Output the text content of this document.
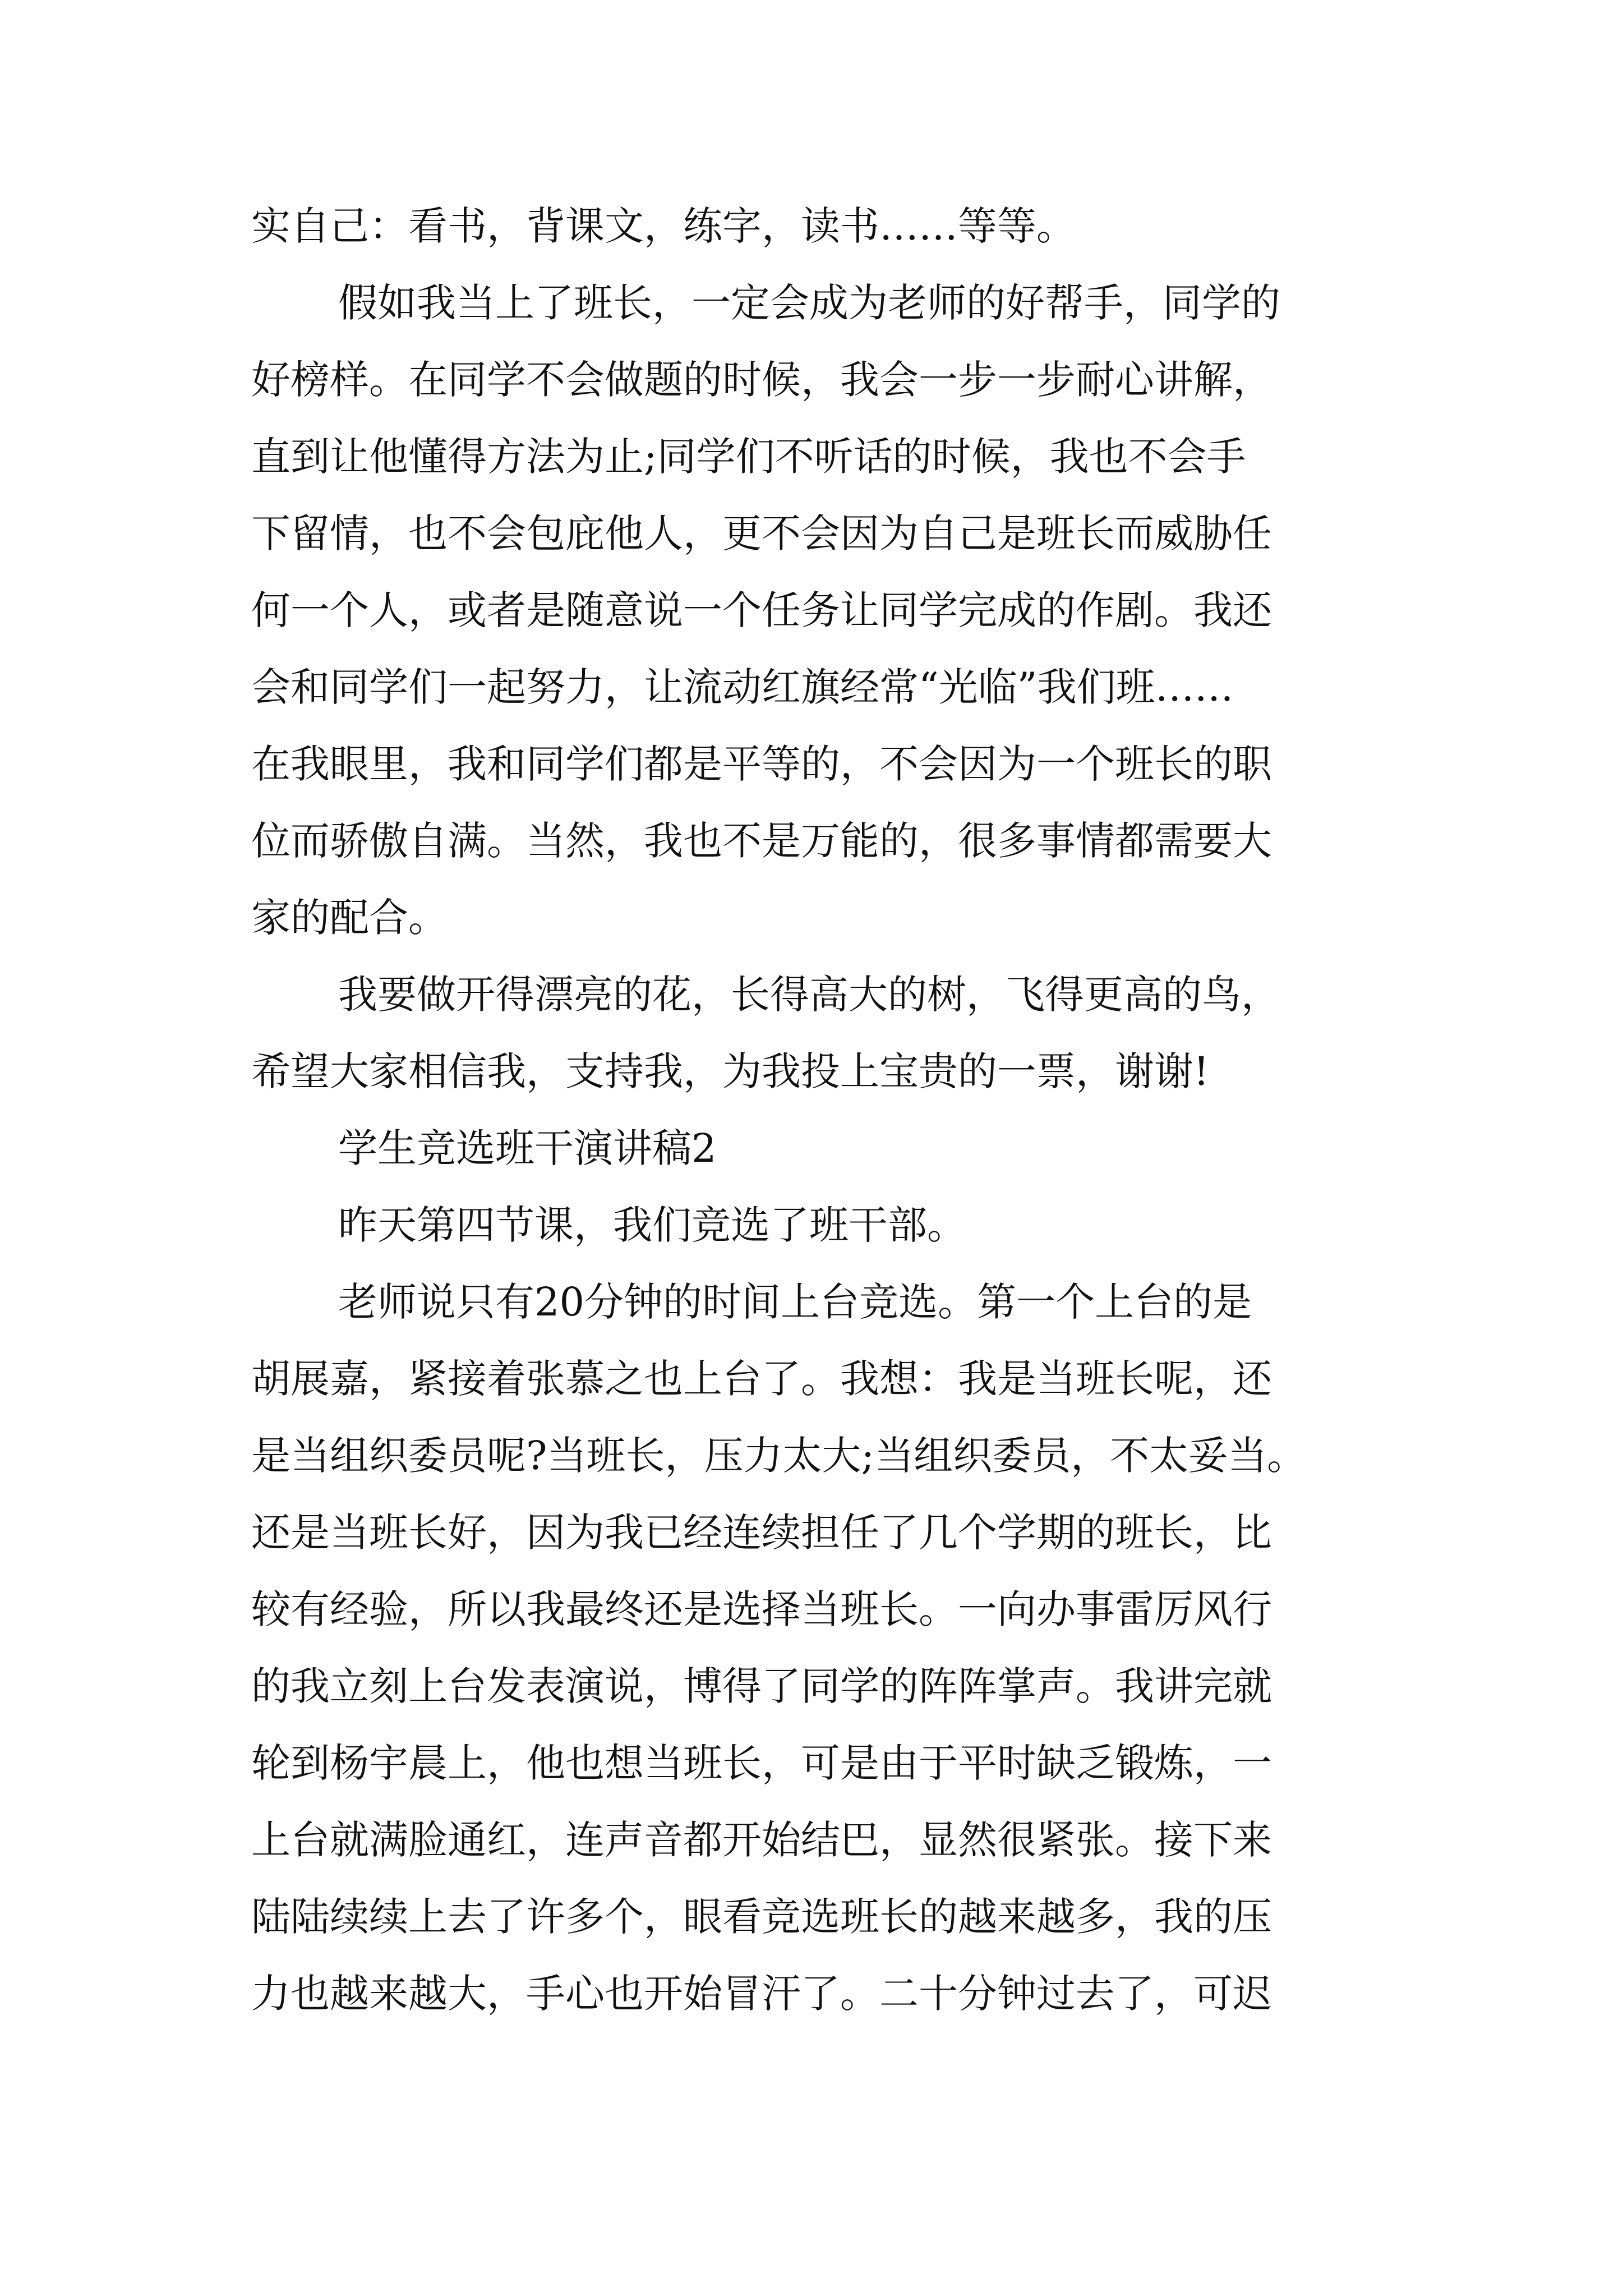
实自己：看书，背课文，练字，读书……等等。
假如我当上了班长，一定会成为老师的好帮手，同学的
好榜样。在同学不会做题的时候，我会一步一步耐心讲解，
直到让他懂得方法为止;同学们不听话的时候，我也不会手
下留情，也不会包庇他人，更不会因为自己是班长而威胁任
何一个人，或者是随意说一个任务让同学完成的作剧。我还
会和同学们一起努力，让流动红旗经常“光临”我们班……
在我眼里，我和同学们都是平等的，不会因为一个班长的职
位而骄傲自满。当然，我也不是万能的，很多事情都需要大
家的配合。
我要做开得漂亮的花，长得高大的树，飞得更高的鸟，
希望大家相信我，支持我，为我投上宝贵的一票，谢谢!
学生竞选班干演讲稿2
昨天第四节课，我们竞选了班干部。
老师说只有20分钟的时间上台竞选。第一个上台的是
胡展嘉，紧接着张慕之也上台了。我想：我是当班长呢，还
是当组织委员呢?当班长，压力太大;当组织委员，不太妥当。
还是当班长好，因为我已经连续担任了几个学期的班长，比
较有经验，所以我最终还是选择当班长。一向办事雷厉风行
的我立刻上台发表演说，博得了同学的阵阵掌声。我讲完就
轮到杨宇晨上，他也想当班长，可是由于平时缺乏锻炼，一
上台就满脸通红，连声音都开始结巴，显然很紧张。接下来
陆陆续续上去了许多个，眼看竞选班长的越来越多，我的压
力也越来越大，手心也开始冒汗了。二十分钟过去了，可迟
